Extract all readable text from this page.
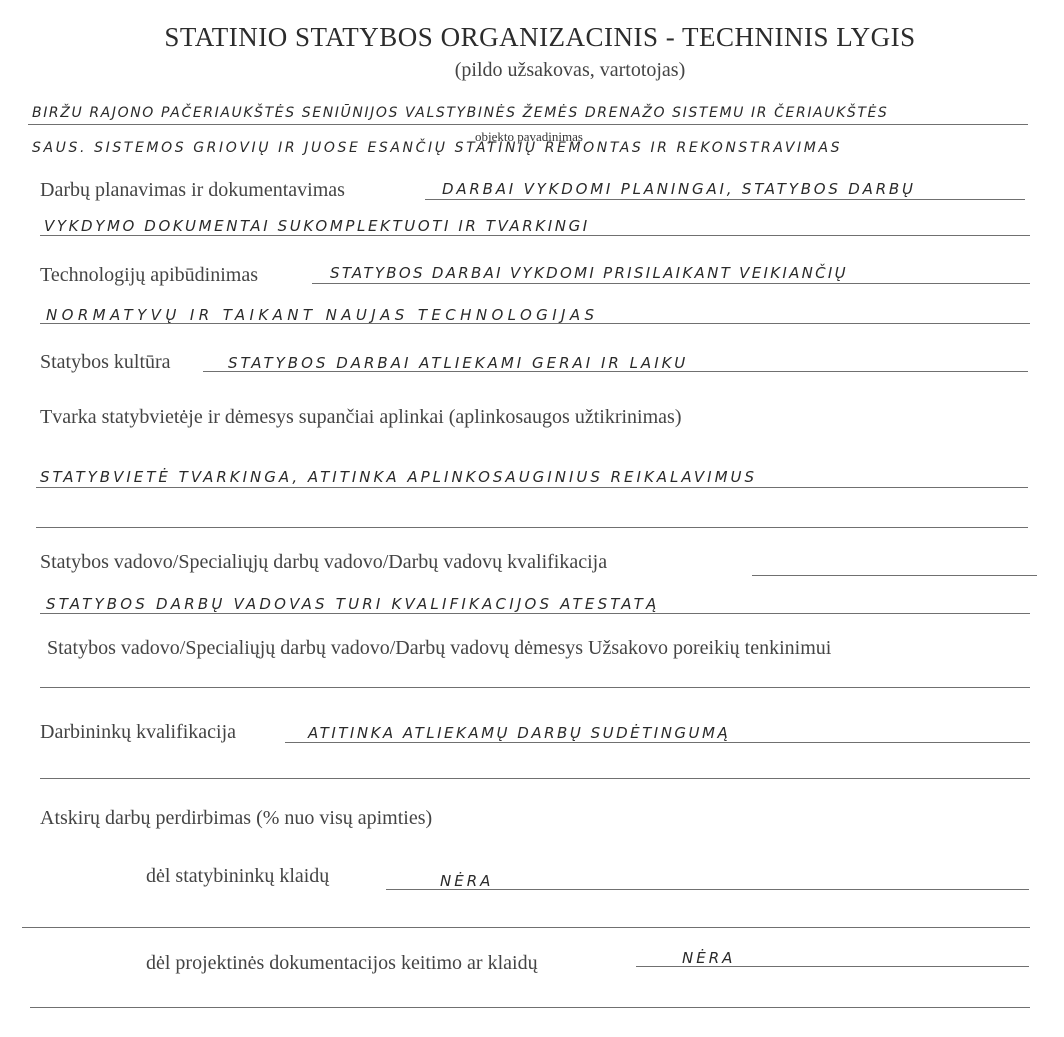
STATINIO STATYBOS ORGANIZACINIS - TECHNINIS LYGIS
(pildo užsakovas, vartotojas)
BIRŽU RAJONO PAČERIAUKŠTĖS SENIŪNIJOS VALSTYBINĖS ŽEMĖS DRENAŽO SISTEMU IR ČERIAUKŠTĖS
objekto pavadinimas
SAUS. SISTEMOS GRIOVIŲ IR JUOSE ESANČIŲ STATINIŲ REMONTAS IR REKONSTRAVIMAS
Darbų planavimas ir dokumentavimas	DARBAI VYKDOMI PLANINGAI, STATYBOS DARBŲ
VYKDYMO DOKUMENTAI SUKOMPLEKTUOTI IR TVARKINGI
Technologijų apibūdinimas	STATYBOS DARBAI VYKDOMI PRISILAIKANT VEIKIANČIŲ
NORMATYVŲ IR TAIKANT NAUJAS TECHNOLOGIJAS
Statybos kultūra	STATYBOS DARBAI ATLIEKAMI GERAI IR LAIKU
Tvarka statybvietėje ir dėmesys supančiai aplinkai (aplinkosaugos užtikrinimas)
STATYBVIETĖ TVARKINGA, ATITINKA APLINKOSAUGINIUS REIKALAVIMUS
Statybos vadovo/Specialiųjų darbų vadovo/Darbų vadovų kvalifikacija
STATYBOS DARBŲ VADOVAS TURI KVALIFIKACIJOS ATESTATĄ
Statybos vadovo/Specialiųjų darbų vadovo/Darbų vadovų dėmesys Užsakovo poreikių tenkinimui
Darbininkų kvalifikacija	ATITINKA ATLIEKAMŲ DARBŲ SUDĖTINGUMĄ
Atskirų darbų perdirbimas (% nuo visų apimties)
dėl statybininkų klaidų	NĖRA
dėl projektinės dokumentacijos keitimo ar klaidų	NĖRA
